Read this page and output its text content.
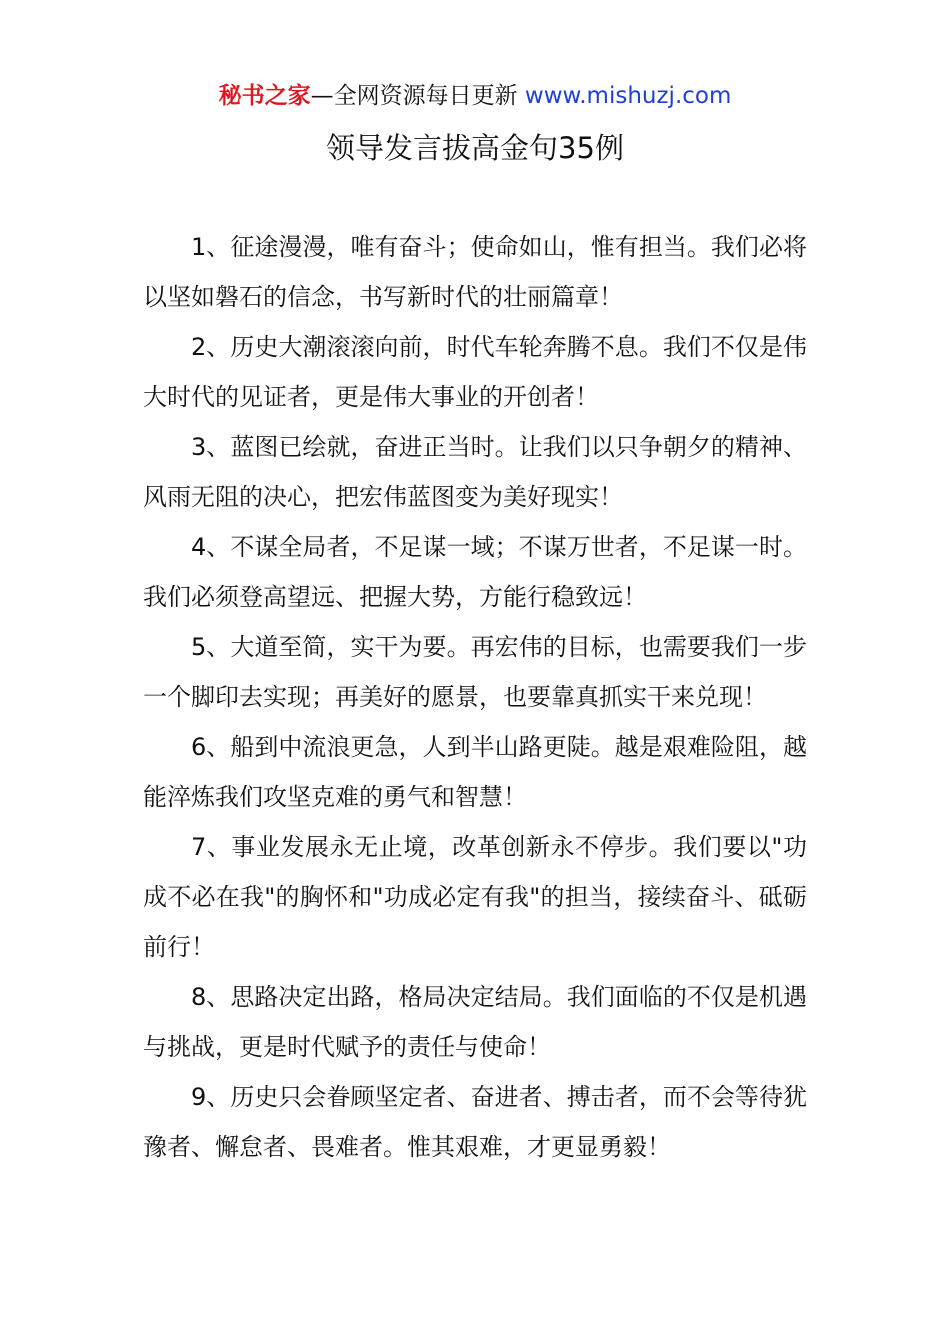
秘书之家—全网资源每日更新 www.mishuzj.com
领导发言拔高金句35例

1、征途漫漫，唯有奋斗；使命如山，惟有担当。我们必将以坚如磐石的信念，书写新时代的壮丽篇章！

2、历史大潮滚滚向前，时代车轮奔腾不息。我们不仅是伟大时代的见证者，更是伟大事业的开创者！

3、蓝图已绘就，奋进正当时。让我们以只争朝夕的精神、风雨无阻的决心，把宏伟蓝图变为美好现实！

4、不谋全局者，不足谋一域；不谋万世者，不足谋一时。我们必须登高望远、把握大势，方能行稳致远！

5、大道至简，实干为要。再宏伟的目标，也需要我们一步一个脚印去实现；再美好的愿景，也要靠真抓实干来兑现！

6、船到中流浪更急，人到半山路更陡。越是艰难险阻，越能淬炼我们攻坚克难的勇气和智慧！

7、事业发展永无止境，改革创新永不停步。我们要以"功成不必在我"的胸怀和"功成必定有我"的担当，接续奋斗、砥砺前行！

8、思路决定出路，格局决定结局。我们面临的不仅是机遇与挑战，更是时代赋予的责任与使命！

9、历史只会眷顾坚定者、奋进者、搏击者，而不会等待犹豫者、懈怠者、畏难者。惟其艰难，才更显勇毅！
